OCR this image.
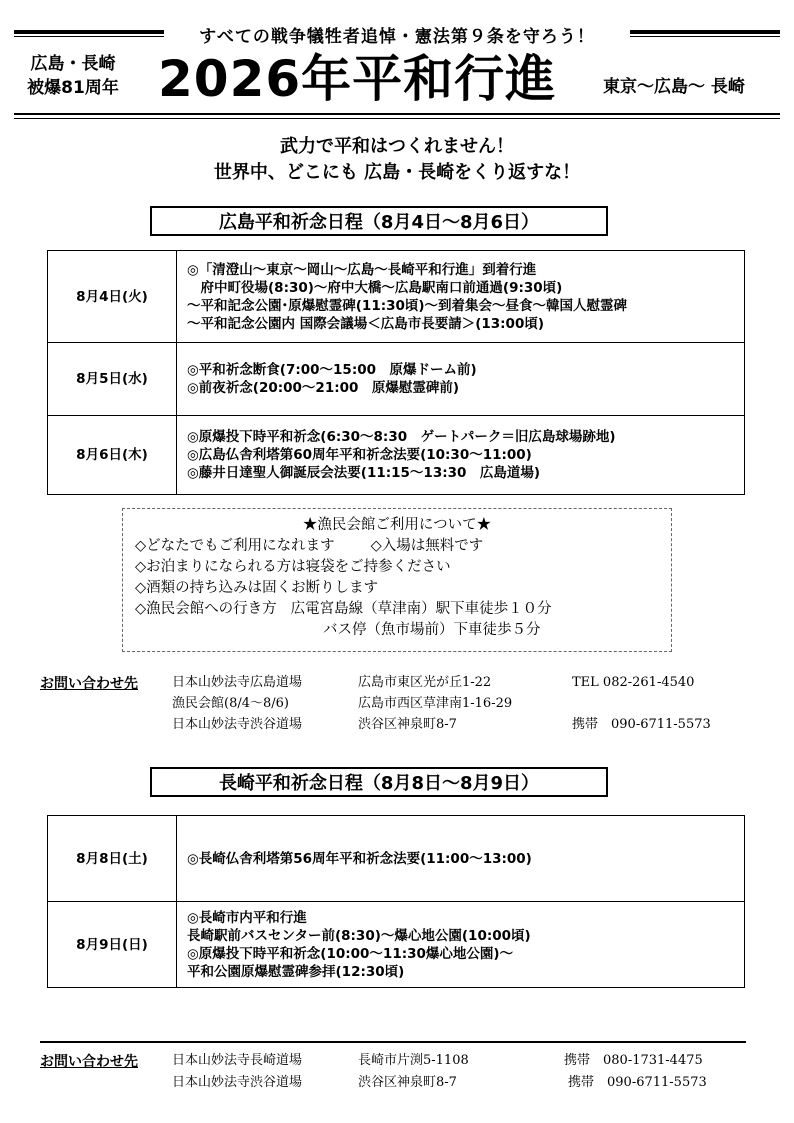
すべての戦争犠牲者追悼・憲法第９条を守ろう！
広島・長崎
被爆81周年 2026年平和行進	東京～広島～ 長崎
武力で平和はつくれません！
世界中、どこにも 広島・長崎をくり返すな！
広島平和祈念日程（8月4日～8月6日）
8月4日(火)	◎「清澄山～東京～岡山～広島～長崎平和行進」到着行進
　府中町役場(8:30)～府中大橋～広島駅南口前通過(9:30頃)
～平和記念公園･原爆慰霊碑(11:30頃)～到着集会～昼食～韓国人慰霊碑
～平和記念公園内 国際会議場＜広島市長要請＞(13:00頃)

8月5日(水)	◎平和祈念断食(7:00～15:00　原爆ドーム前)
◎前夜祈念(20:00～21:00　原爆慰霊碑前)

8月6日(木)	◎原爆投下時平和祈念(6:30～8:30　ゲートパーク＝旧広島球場跡地)
◎広島仏舎利塔第60周年平和祈念法要(10:30～11:00)
◎藤井日達聖人御誕辰会法要(11:15～13:30　広島道場)
★漁民会館ご利用について★
◇どなたでもご利用になれます ◇入場は無料です
◇お泊まりになられる方は寝袋をご持参ください
◇酒類の持ち込みは固くお断りします
◇漁民会館への行き方 広電宮島線（草津南）駅下車徒歩１０分
バス停（魚市場前）下車徒歩５分
お問い合わせ先	日本山妙法寺広島道場	広島市東区光が丘1-22	TEL 082-261-4540
漁民会館(8/4～8/6)	広島市西区草津南1-16-29
日本山妙法寺渋谷道場	渋谷区神泉町8-7	携帯　090-6711-5573
長崎平和祈念日程（8月8日～8月9日）
8月8日(土)	◎長崎仏舎利塔第56周年平和祈念法要(11:00～13:00)

8月9日(日)	◎長崎市内平和行進
長崎駅前バスセンター前(8:30)～爆心地公園(10:00頃)
◎原爆投下時平和祈念(10:00～11:30爆心地公園)～
平和公園原爆慰霊碑参拝(12:30頃)
お問い合わせ先	日本山妙法寺長崎道場	長崎市片渕5-1108	携帯　080-1731-4475
日本山妙法寺渋谷道場	渋谷区神泉町8-7	携帯　090-6711-5573
